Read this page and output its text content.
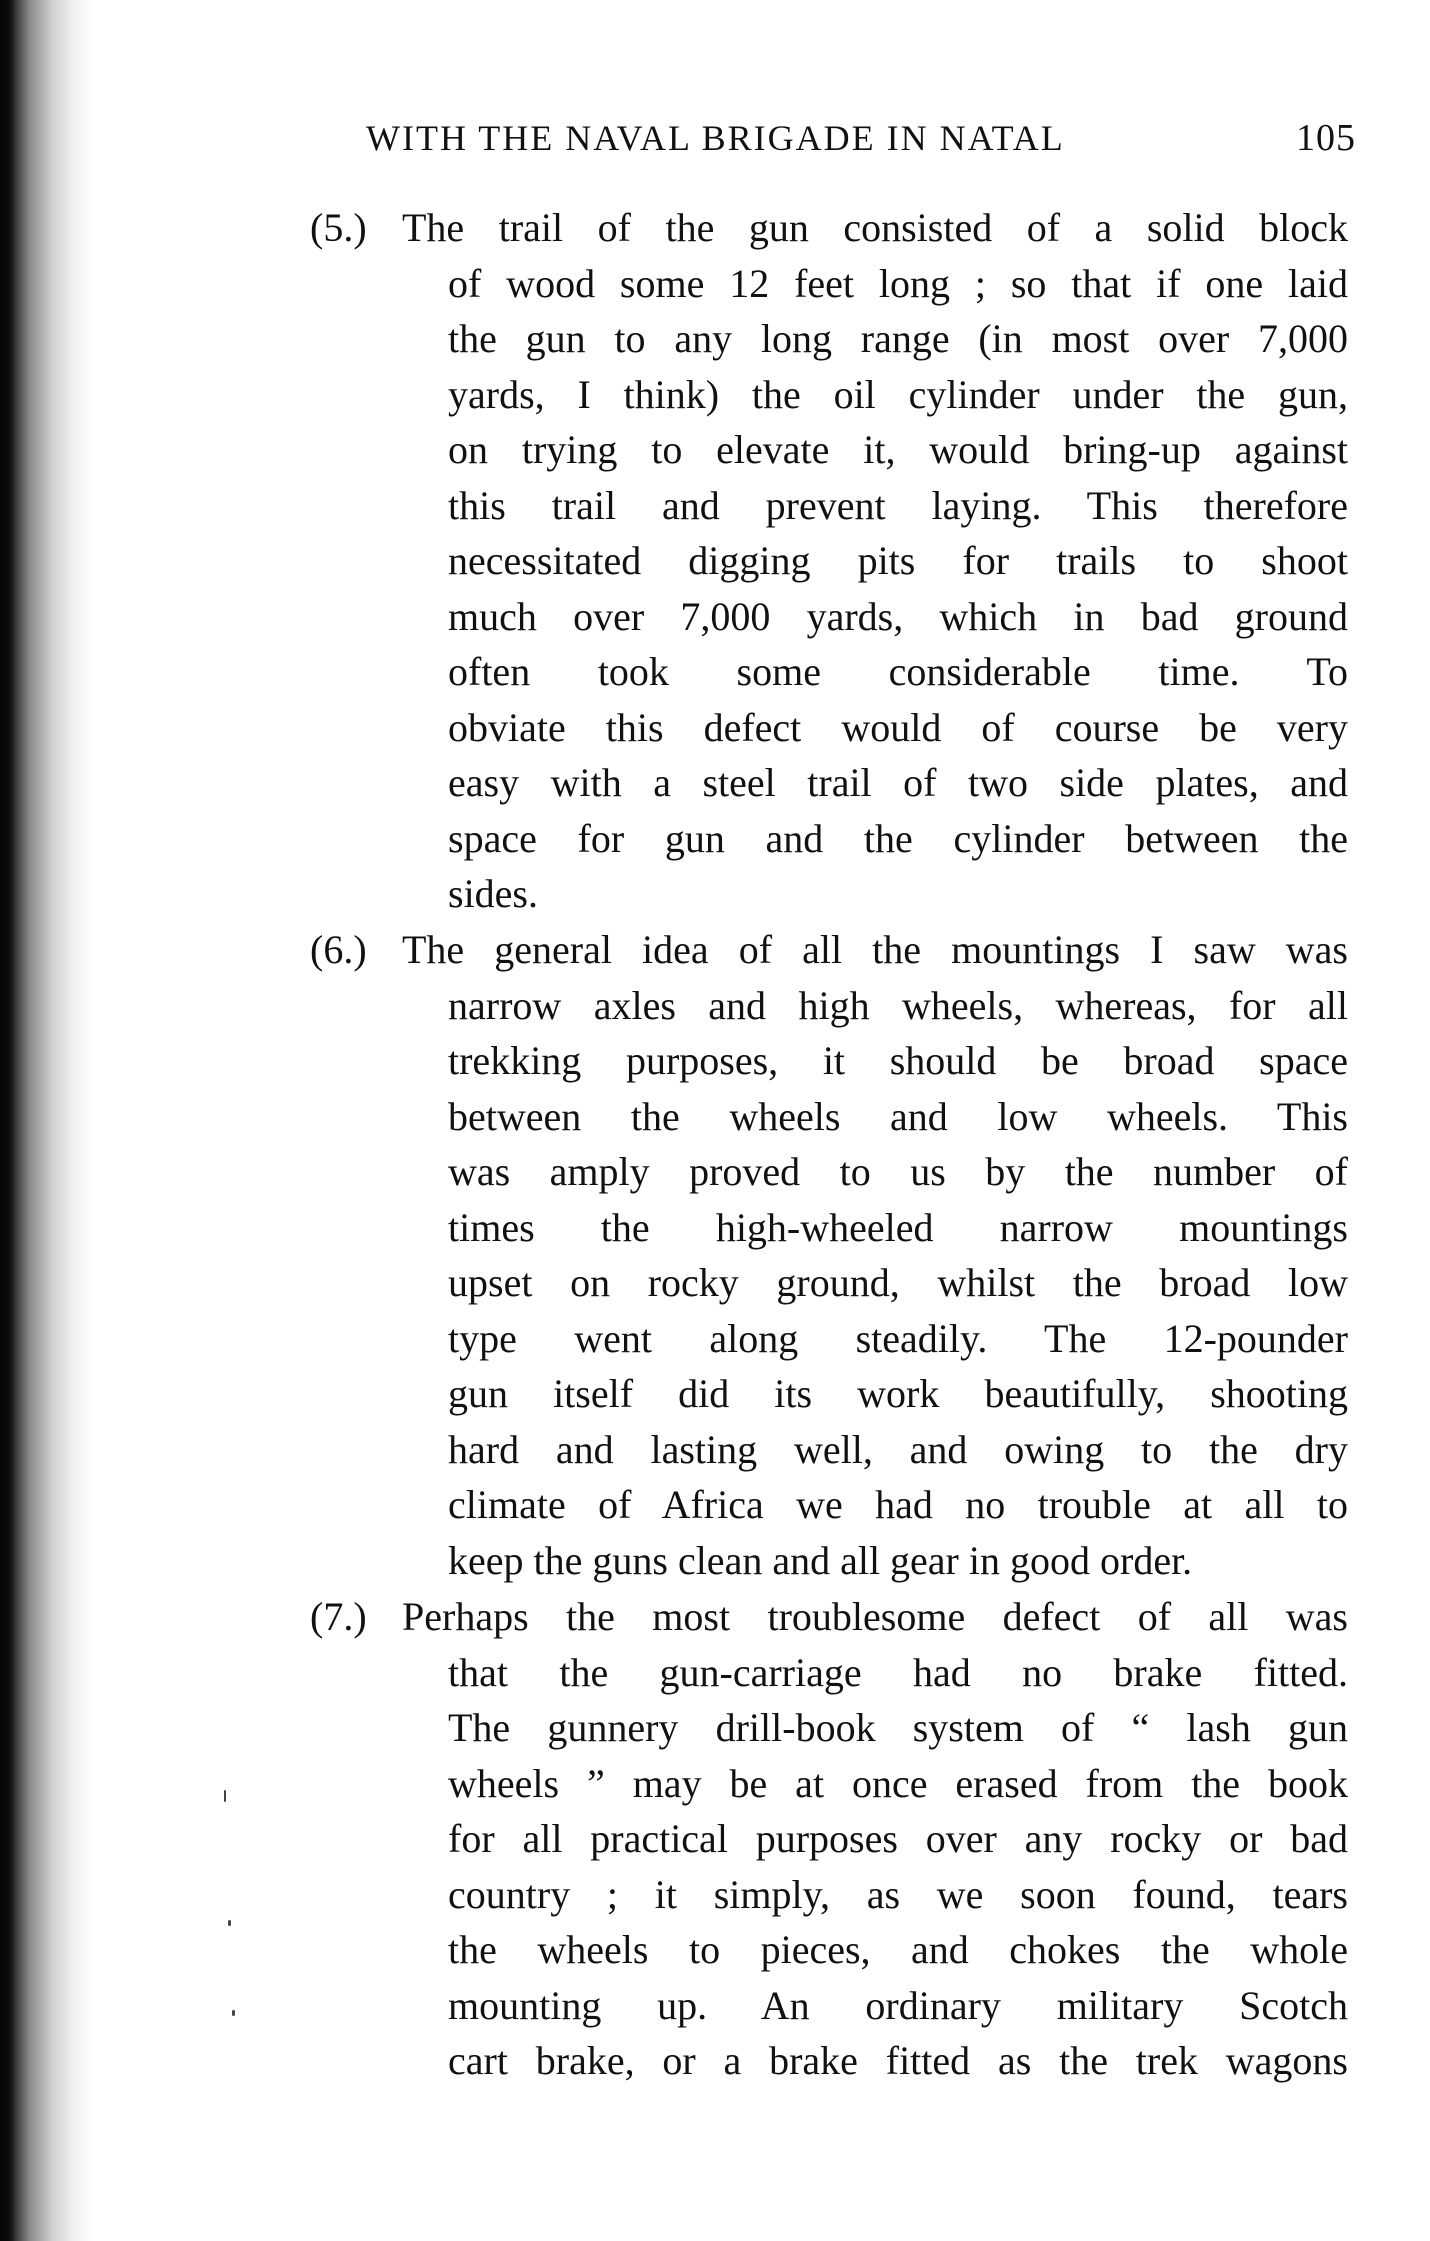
WITH THE NAVAL BRIGADE IN NATAL	105
(5.) The trail of the gun consisted of a solid block
of wood some 12 feet long ; so that if one laid
the gun to any long range (in most over 7,000
yards, I think) the oil cylinder under the gun,
on trying to elevate it, would bring-up against
this trail and prevent laying. This therefore
necessitated digging pits for trails to shoot
much over 7,000 yards, which in bad ground
often took some considerable time. To
obviate this defect would of course be very
easy with a steel trail of two side plates, and
space for gun and the cylinder between the
sides.
(6.) The general idea of all the mountings I saw was
narrow axles and high wheels, whereas, for all
trekking purposes, it should be broad space
between the wheels and low wheels. This
was amply proved to us by the number of
times the high-wheeled narrow mountings
upset on rocky ground, whilst the broad low
type went along steadily. The 12-pounder
gun itself did its work beautifully, shooting
hard and lasting well, and owing to the dry
climate of Africa we had no trouble at all to
keep the guns clean and all gear in good order.
(7.) Perhaps the most troublesome defect of all was
that the gun-carriage had no brake fitted.
The gunnery drill-book system of “ lash gun
wheels ” may be at once erased from the book
for all practical purposes over any rocky or bad
country ; it simply, as we soon found, tears
the wheels to pieces, and chokes the whole
mounting up. An ordinary military Scotch
cart brake, or a brake fitted as the trek wagons
